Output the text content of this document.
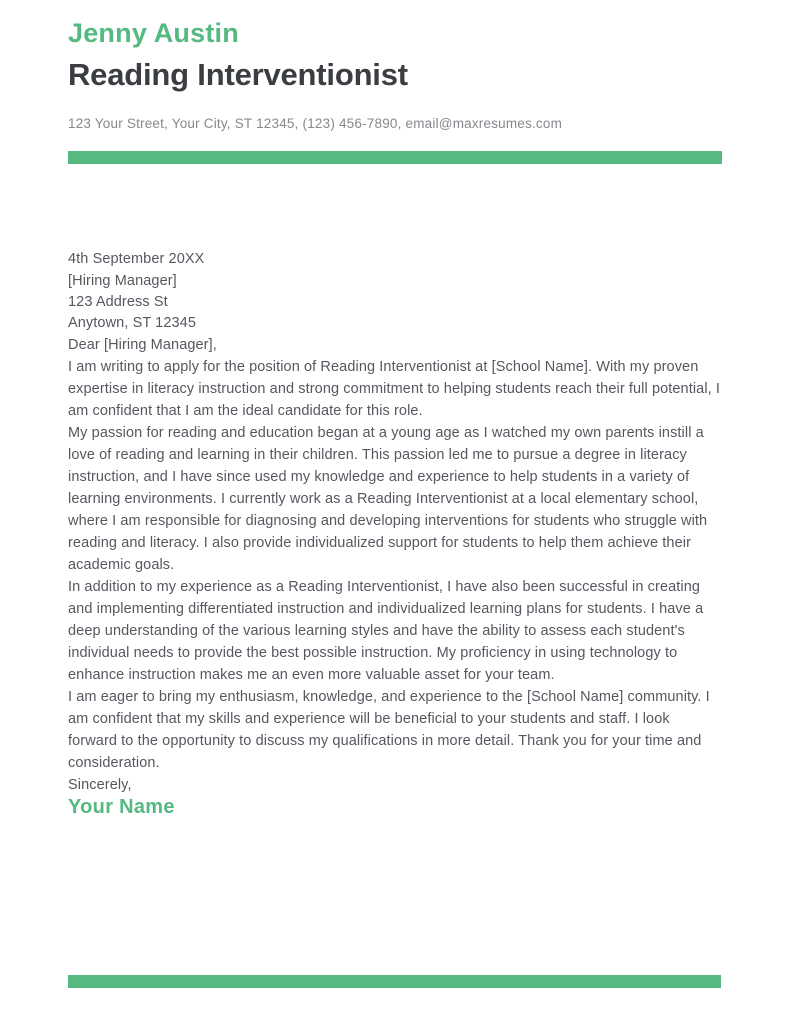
Jenny Austin
Reading Interventionist

123 Your Street, Your City, ST 12345, (123) 456-7890, email@maxresumes.com

4th September 20XX

[Hiring Manager]

123 Address St
Anytown, ST 12345

Dear [Hiring Manager],

I am writing to apply for the position of Reading Interventionist at [School Name]. With my proven expertise in literacy instruction and strong commitment to helping students reach their full potential, I am confident that I am the ideal candidate for this role.

My passion for reading and education began at a young age as I watched my own parents instill a love of reading and learning in their children. This passion led me to pursue a degree in literacy instruction, and I have since used my knowledge and experience to help students in a variety of learning environments. I currently work as a Reading Interventionist at a local elementary school, where I am responsible for diagnosing and developing interventions for students who struggle with reading and literacy. I also provide individualized support for students to help them achieve their academic goals.

In addition to my experience as a Reading Interventionist, I have also been successful in creating and implementing differentiated instruction and individualized learning plans for students. I have a deep understanding of the various learning styles and have the ability to assess each student's individual needs to provide the best possible instruction. My proficiency in using technology to enhance instruction makes me an even more valuable asset for your team.

I am eager to bring my enthusiasm, knowledge, and experience to the [School Name] community. I am confident that my skills and experience will be beneficial to your students and staff. I look forward to the opportunity to discuss my qualifications in more detail. Thank you for your time and consideration.

Sincerely,

Your Name
